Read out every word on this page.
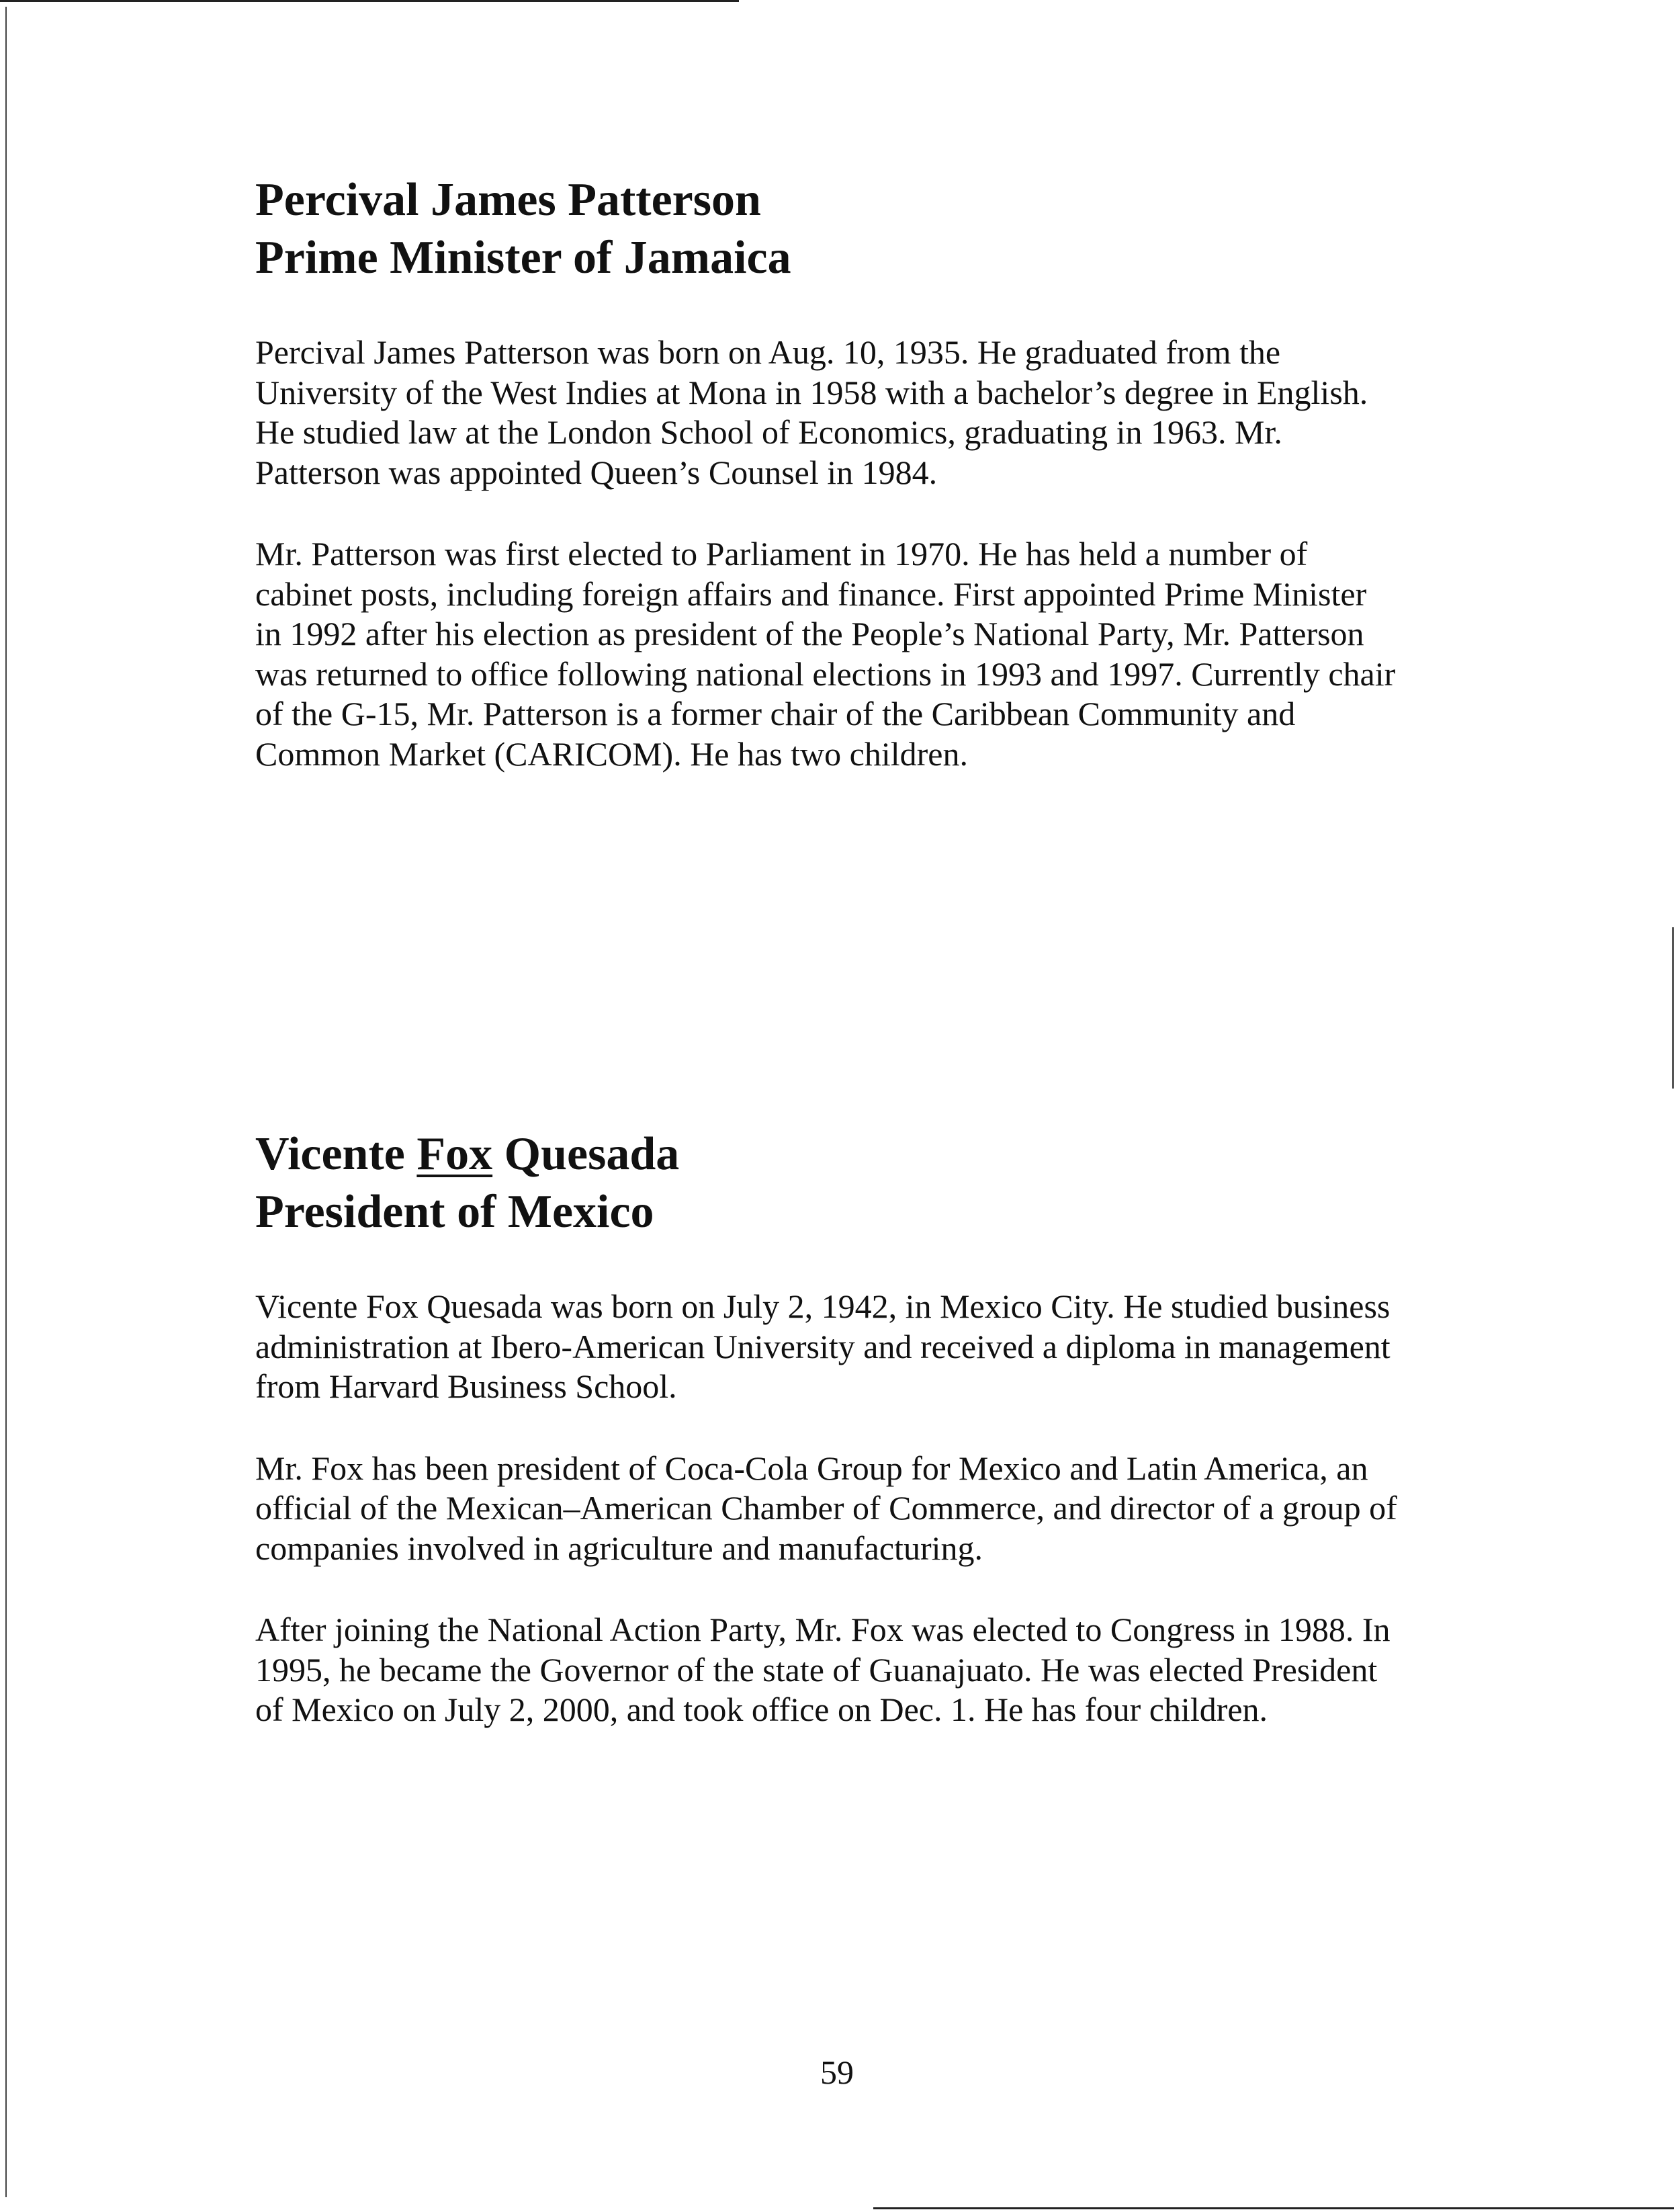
Percival James Patterson
Prime Minister of Jamaica

Percival James Patterson was born on Aug. 10, 1935. He graduated from the University of the West Indies at Mona in 1958 with a bachelor’s degree in English. He studied law at the London School of Economics, graduating in 1963. Mr. Patterson was appointed Queen’s Counsel in 1984.

Mr. Patterson was first elected to Parliament in 1970. He has held a number of cabinet posts, including foreign affairs and finance. First appointed Prime Minister in 1992 after his election as president of the People’s National Party, Mr. Patterson was returned to office following national elections in 1993 and 1997. Currently chair of the G-15, Mr. Patterson is a former chair of the Caribbean Community and Common Market (CARICOM). He has two children.

Vicente Fox Quesada
President of Mexico

Vicente Fox Quesada was born on July 2, 1942, in Mexico City. He studied business administration at Ibero-American University and received a diploma in management from Harvard Business School.

Mr. Fox has been president of Coca-Cola Group for Mexico and Latin America, an official of the Mexican–American Chamber of Commerce, and director of a group of companies involved in agriculture and manufacturing.

After joining the National Action Party, Mr. Fox was elected to Congress in 1988. In 1995, he became the Governor of the state of Guanajuato. He was elected President of Mexico on July 2, 2000, and took office on Dec. 1. He has four children.

59
